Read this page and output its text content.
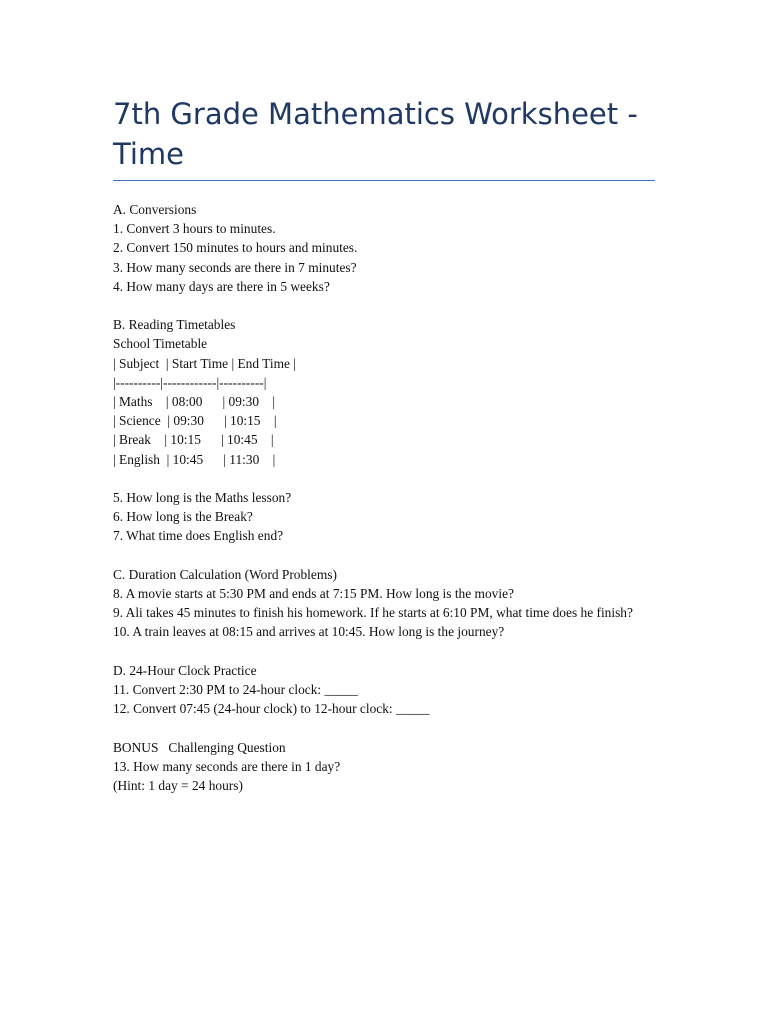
7th Grade Mathematics Worksheet - Time

A. Conversions

1. Convert 3 hours to minutes.

2. Convert 150 minutes to hours and minutes.

3. How many seconds are there in 7 minutes?

4. How many days are there in 5 weeks?

B. Reading Timetables

School Timetable

| Subject  | Start Time | End Time |

|----------|------------|----------|

| Maths    | 08:00      | 09:30    |

| Science  | 09:30      | 10:15    |

| Break    | 10:15      | 10:45    |

| English  | 10:45      | 11:30    |

5. How long is the Maths lesson?

6. How long is the Break?

7. What time does English end?

C. Duration Calculation (Word Problems)

8. A movie starts at 5:30 PM and ends at 7:15 PM. How long is the movie?

9. Ali takes 45 minutes to finish his homework. If he starts at 6:10 PM, what time does he finish?

10. A train leaves at 08:15 and arrives at 10:45. How long is the journey?

D. 24-Hour Clock Practice

11. Convert 2:30 PM to 24-hour clock: _____

12. Convert 07:45 (24-hour clock) to 12-hour clock: _____

BONUS   Challenging Question

13. How many seconds are there in 1 day?

(Hint: 1 day = 24 hours)
